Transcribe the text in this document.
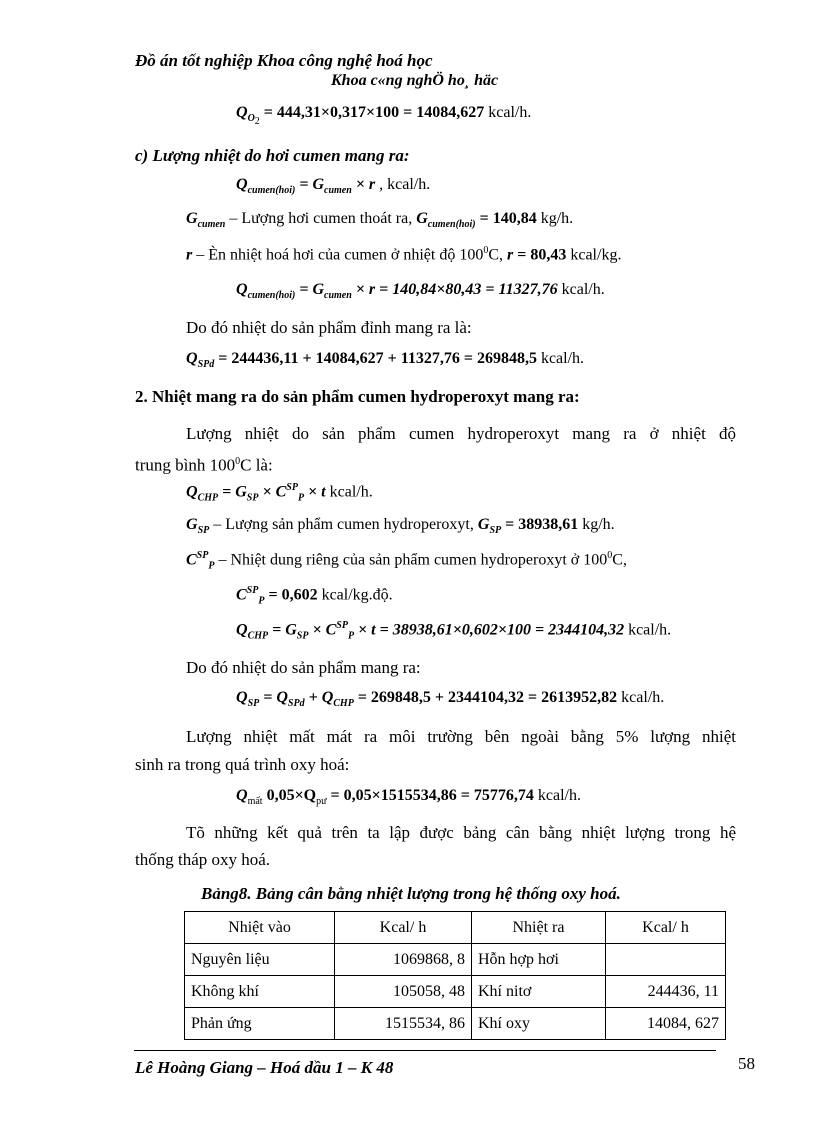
Đồ án tốt nghiệp Khoa công nghệ hoá học
Khoa c«ng nghÖ ho¸ häc
$Q_{O_2} = 444,31\times 0,317\times 100 = 14084,627$ kcal/h.
c) Lượng nhiệt do hơi cumen mang ra:
$Q_{cumen(hoi)} = G_{cumen} \times r$ , kcal/h.
$G_{cumen}$ – Lượng hơi cumen thoát ra, $G_{cumen(hoi)} = 140,84$ kg/h.
r – Èn nhiệt hoá hơi của cumen ở nhiệt độ $100^0C$, r = 80,43 kcal/kg.
$Q_{cumen(hoi)} = G_{cumen} \times r = 140,84\times 80,43 = 11327,76$ kcal/h.
Do đó nhiệt do sản phẩm đỉnh mang ra là:
$Q_{SPd} = 244436,11 + 14084,627 + 11327,76 = 269848,5$ kcal/h.
2. Nhiệt mang ra do sản phẩm cumen hydroperoxyt mang ra:
Lượng nhiệt do sản phẩm cumen hydroperoxyt mang ra ở nhiệt độ
trung bình $100^0C$ là:
$Q_{CHP} = G_{SP} \times C^{SP}_P \times t$ kcal/h.
$G_{SP}$ – Lượng sản phẩm cumen hydroperoxyt, $G_{SP} = 38938,61$ kg/h.
$C^{SP}_P$ – Nhiệt dung riêng của sản phẩm cumen hydroperoxyt ở $100^0C$,
$C^{SP}_P = 0,602$ kcal/kg.độ.
$Q_{CHP} = G_{SP} \times C^{SP}_P \times t = 38938,61\times 0,602\times 100 = 2344104,32$ kcal/h.
Do đó nhiệt do sản phẩm mang ra:
$Q_{SP} = Q_{SPd} + Q_{CHP} = 269848,5 + 2344104,32 = 2613952,82$ kcal/h.
Lượng nhiệt mất mát ra môi trường bên ngoài bằng 5% lượng nhiệt
sinh ra trong quá trình oxy hoá:
$Q_{mất}$ $0,05\times Q_{pư} = 0,05\times 1515534,86 = 75776,74$ kcal/h.
Tõ những kết quả trên ta lập được bảng cân bằng nhiệt lượng trong hệ
thống tháp oxy hoá.
Bảng8. Bảng cân bằng nhiệt lượng trong hệ thống oxy hoá.
Nhiệt vào	Kcal/ h	Nhiệt ra	Kcal/ h
Nguyên liệu	1069868, 8	Hỗn hợp hơi	
Không khí	105058, 48	Khí nitơ	244436, 11
Phản ứng	1515534, 86	Khí oxy	14084, 627
Lê Hoàng Giang – Hoá dầu 1 – K 48	58
